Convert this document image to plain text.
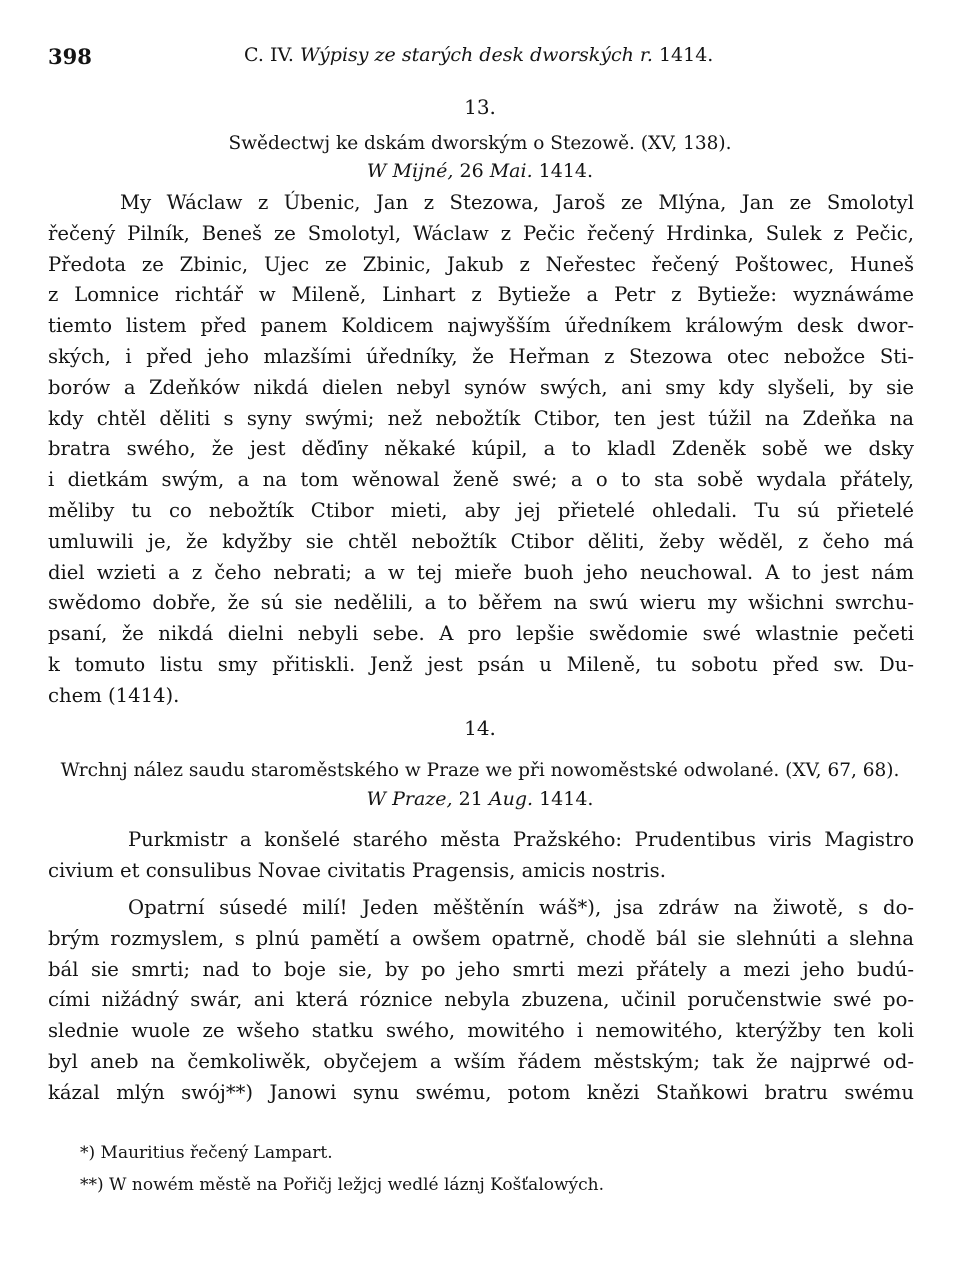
398	C. IV. Wýpisy ze starých desk dworských r. 1414.
13.
Swědectwj ke dskám dworským o Stezowě. (XV, 138).
W Mijné, 26 Mai. 1414.
My Wáclaw z Úbenic, Jan z Stezowa, Jaroš ze Mlýna, Jan ze Smolotyl
řečený Pilník, Beneš ze Smolotyl, Wáclaw z Pečic řečený Hrdinka, Sulek z Pečic,
Předota ze Zbinic, Ujec ze Zbinic, Jakub z Neřestec řečený Poštowec, Huneš
z Lomnice richtář w Mileně, Linhart z Bytieže a Petr z Bytieže: wyznáwáme
tiemto listem před panem Koldicem najwyšším úředníkem králowým desk dwor-
ských, i před jeho mlazšími úředníky, že Heřman z Stezowa otec nebožce Sti-
borów a Zdeňków nikdá dielen nebyl synów swých, ani smy kdy slyšeli, by sie
kdy chtěl děliti s syny swými; než nebožtík Ctibor, ten jest túžil na Zdeňka na
bratra swého, že jest děďiny někaké kúpil, a to kladl Zdeněk sobě we dsky
i dietkám swým, a na tom wěnowal ženě swé; a o to sta sobě wydala přátely,
měliby tu co nebožtík Ctibor mieti, aby jej přietelé ohledali. Tu sú přietelé
umluwili je, že kdyžby sie chtěl nebožtík Ctibor děliti, žeby wěděl, z čeho má
diel wzieti a z čeho nebrati; a w tej mieře buoh jeho neuchowal. A to jest nám
swědomo dobře, že sú sie nedělili, a to běřem na swú wieru my wšichni swrchu-
psaní, že nikdá dielni nebyli sebe. A pro lepšie swědomie swé wlastnie pečeti
k tomuto listu smy přitiskli. Jenž jest psán u Mileně, tu sobotu před sw. Du-
chem (1414).
14.
Wrchnj nález saudu staroměstského w Praze we při nowoměstské odwolané. (XV, 67, 68).
W Praze, 21 Aug. 1414.
Purkmistr a konšelé starého města Pražského: Prudentibus viris Magistro
civium et consulibus Novae civitatis Pragensis, amicis nostris.
Opatrní súsedé milí! Jeden měštěnín wáš*), jsa zdráw na žiwotě, s do-
brým rozmyslem, s plnú pamětí a owšem opatrně, chodě bál sie slehnúti a slehna
bál sie smrti; nad to boje sie, by po jeho smrti mezi přátely a mezi jeho budú-
cími nižádný swár, ani která róznice nebyla zbuzena, učinil poručenstwie swé po-
slednie wuole ze wšeho statku swého, mowitého i nemowitého, kterýžby ten koli
byl aneb na čemkoliwěk, obyčejem a wším řádem městským; tak že najprwé od-
kázal mlýn swój**) Janowi synu swému, potom knězi Staňkowi bratru swému
*) Mauritius řečený Lampart.
**) W nowém městě na Pořičj ležjcj wedlé láznj Košťalowých.
